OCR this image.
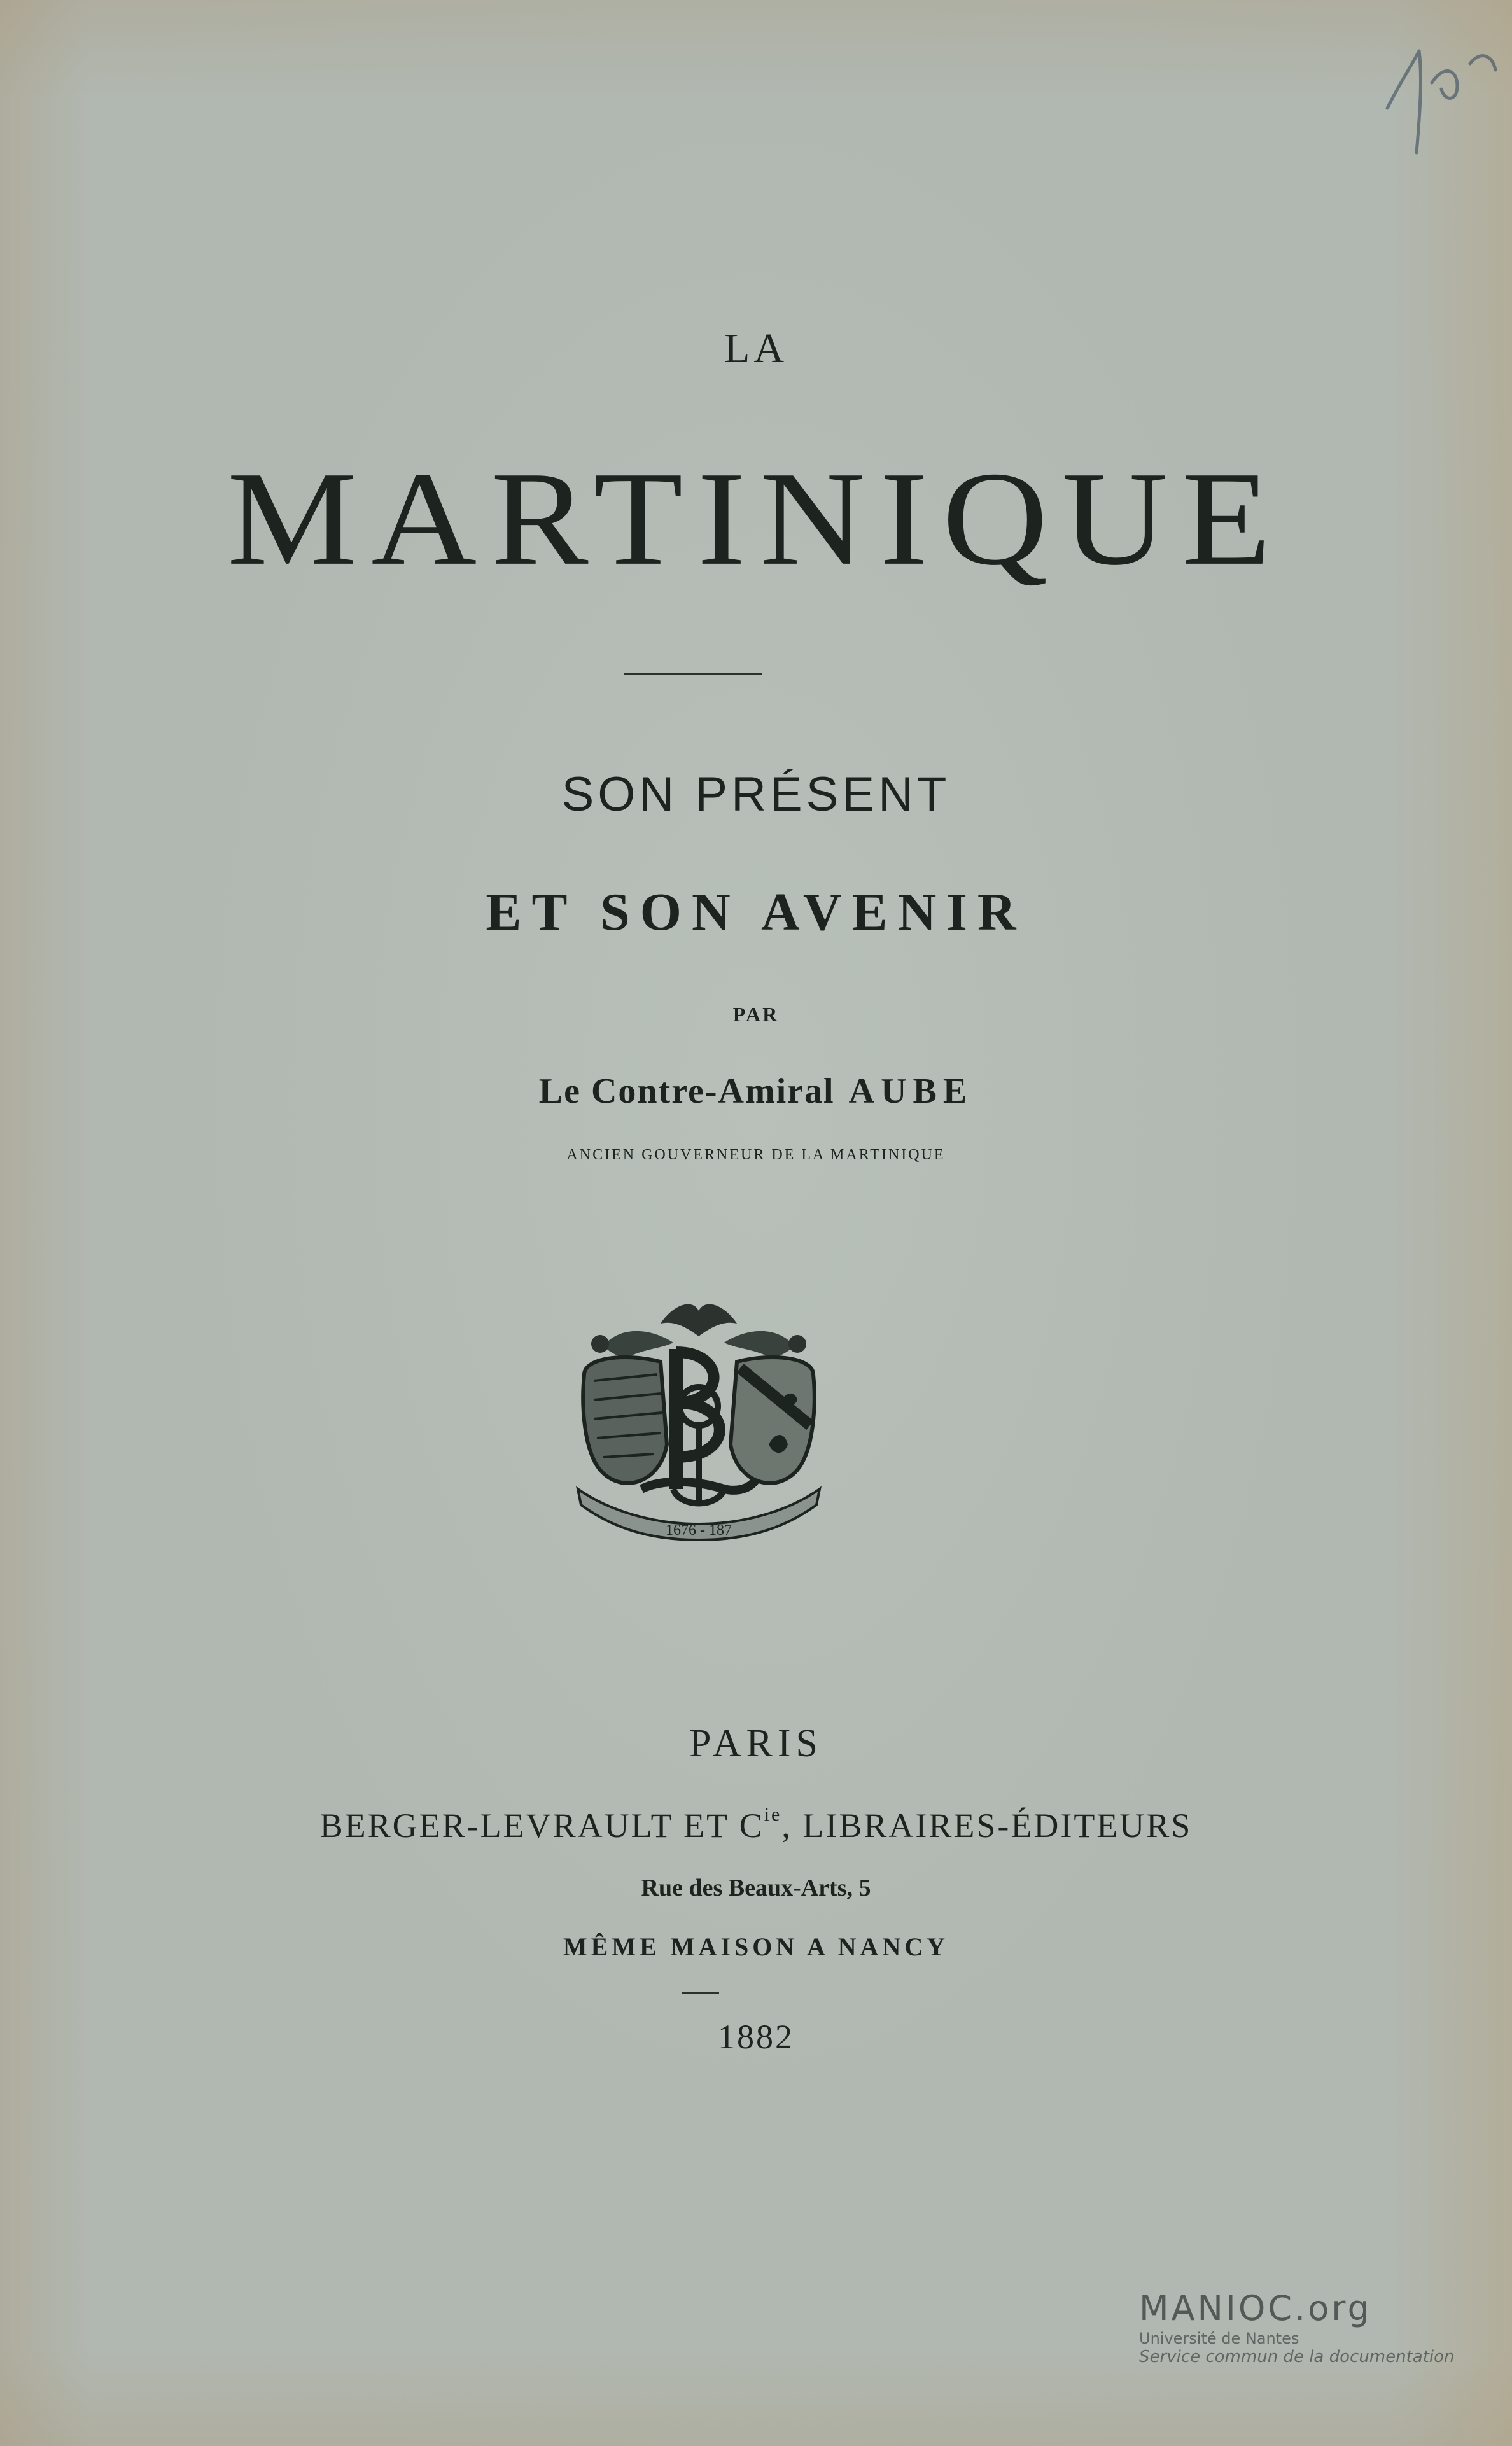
LA
MARTINIQUE
SON PRÉSENT
ET SON AVENIR
PAR
Le Contre-Amiral AUBE
ANCIEN GOUVERNEUR DE LA MARTINIQUE
1676 - 187
PARIS
BERGER-LEVRAULT ET $C^{ie}$, LIBRAIRES-ÉDITEURS
Rue des Beaux-Arts, 5
MÊME MAISON A NANCY
1882
MANIOC.org
Université de Nantes
Service commun de la documentation
